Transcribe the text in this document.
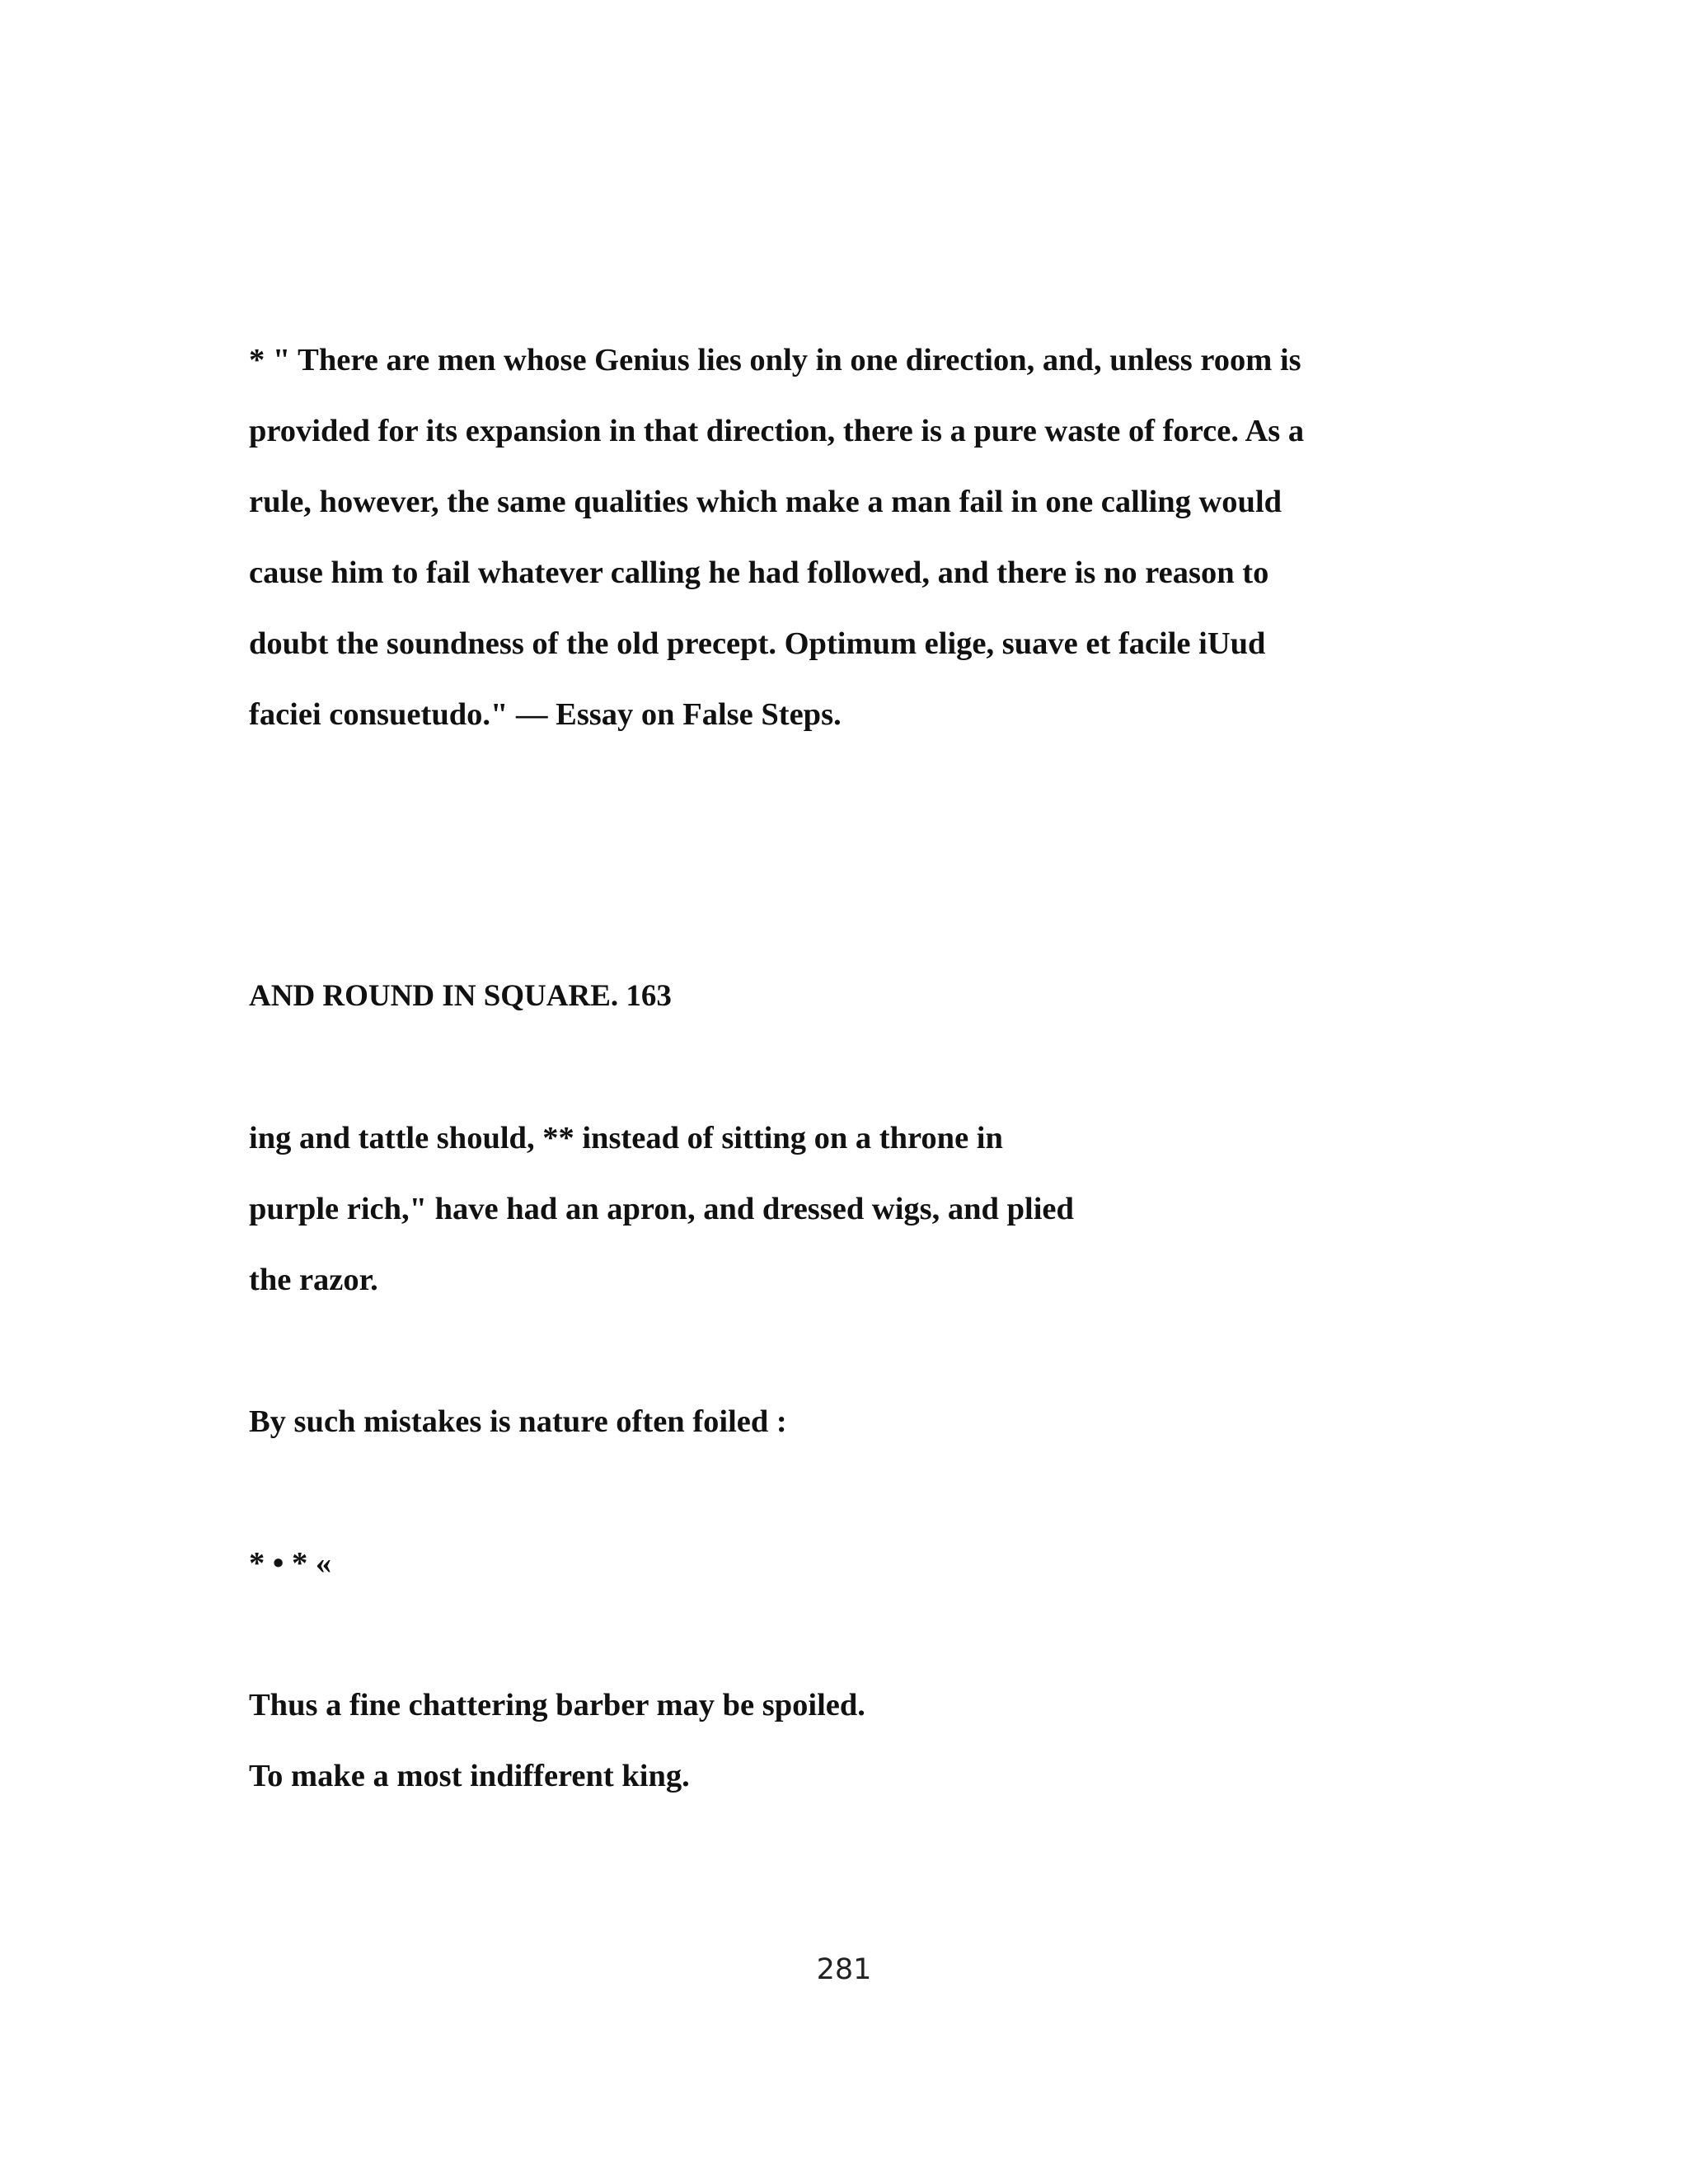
* " There are men whose Genius lies only in one direction, and, unless room is
provided for its expansion in that direction, there is a pure waste of force. As a
rule, however, the same qualities which make a man fail in one calling would
cause him to fail whatever calling he had followed, and there is no reason to
doubt the soundness of the old precept. Optimum elige, suave et facile iUud
faciei consuetudo." — Essay on False Steps.
AND ROUND IN SQUARE. 163
ing and tattle should, ** instead of sitting on a throne in
purple rich," have had an apron, and dressed wigs, and plied
the razor.
By such mistakes is nature often foiled :
* • * «
Thus a fine chattering barber may be spoiled.
To make a most indifferent king.
281
